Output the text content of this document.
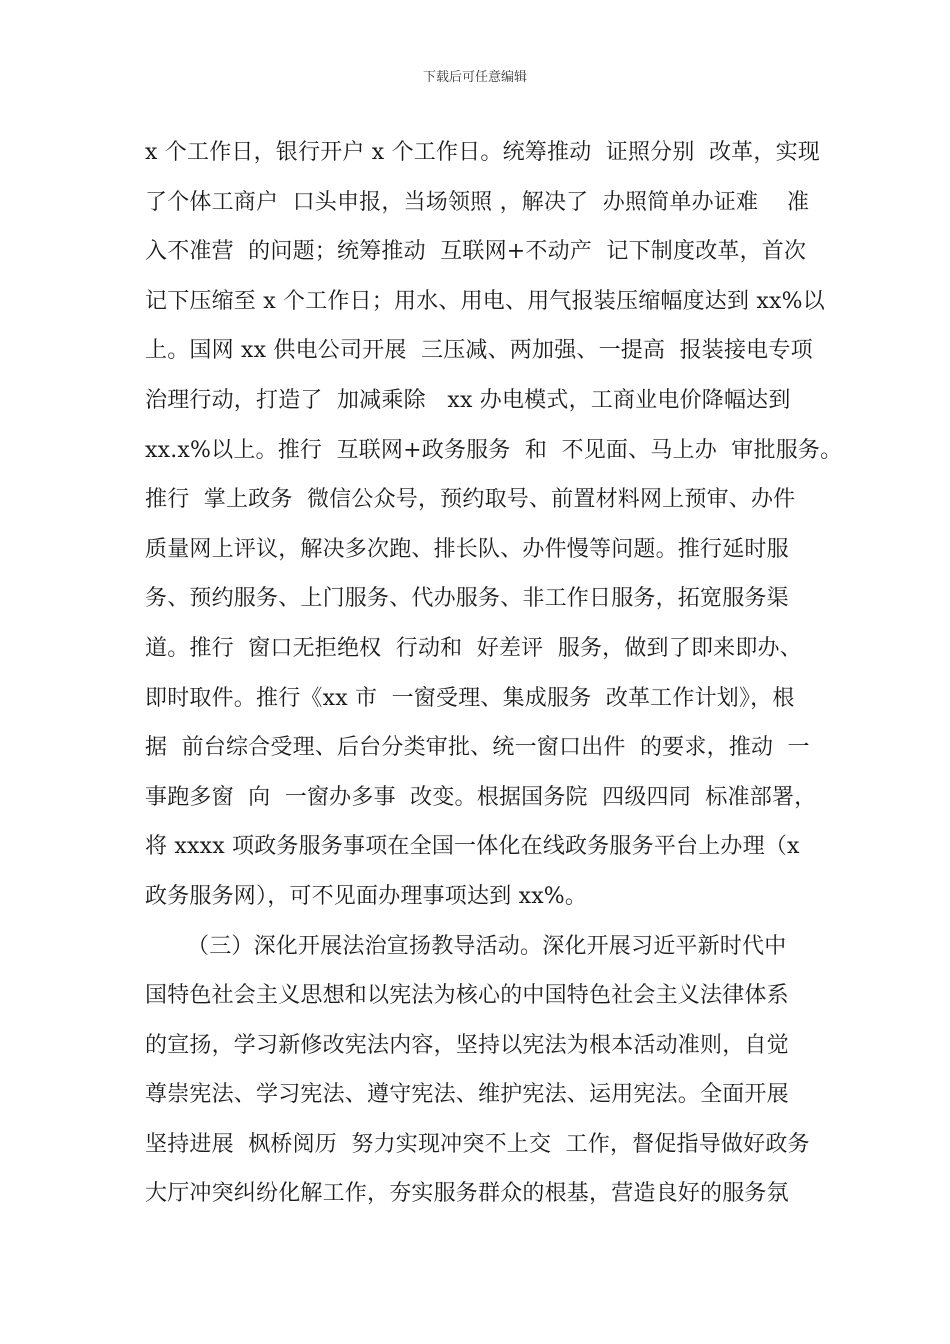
下载后可任意编辑
x 个工作日，银行开户 x 个工作日。统筹推动  证照分别  改革，实现
了个体工商户  口头申报，当场领照 ，解决了  办照简单办证难    准
入不准营  的问题；统筹推动  互联网+不动产  记下制度改革，首次
记下压缩至 x 个工作日；用水、用电、用气报装压缩幅度达到 xx%以
上。国网 xx 供电公司开展  三压减、两加强、一提高  报装接电专项
治理行动，打造了  加减乘除   xx 办电模式，工商业电价降幅达到
xx.x%以上。推行  互联网+政务服务  和  不见面、马上办  审批服务。
推行  掌上政务  微信公众号，预约取号、前置材料网上预审、办件
质量网上评议，解决多次跑、排长队、办件慢等问题。推行延时服
务、预约服务、上门服务、代办服务、非工作日服务，拓宽服务渠
道。推行  窗口无拒绝权  行动和  好差评  服务，做到了即来即办、
即时取件。推行《xx 市  一窗受理、集成服务  改革工作计划》，根
据  前台综合受理、后台分类审批、统一窗口出件  的要求，推动  一
事跑多窗  向  一窗办多事  改变。根据国务院  四级四同  标准部署，
将 xxxx 项政务服务事项在全国一体化在线政务服务平台上办理（x
政务服务网），可不见面办理事项达到 xx%。
（三）深化开展法治宣扬教导活动。深化开展习近平新时代中
国特色社会主义思想和以宪法为核心的中国特色社会主义法律体系
的宣扬，学习新修改宪法内容，坚持以宪法为根本活动准则，自觉
尊崇宪法、学习宪法、遵守宪法、维护宪法、运用宪法。全面开展
坚持进展  枫桥阅历  努力实现冲突不上交  工作，督促指导做好政务
大厅冲突纠纷化解工作，夯实服务群众的根基，营造良好的服务氛
